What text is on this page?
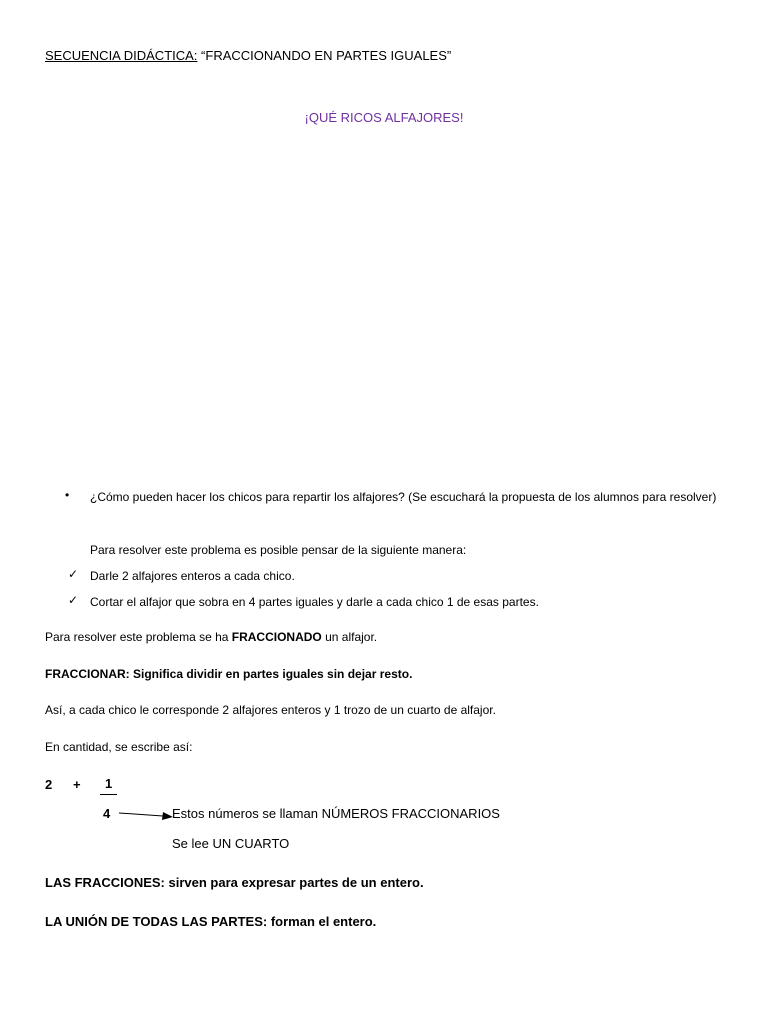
SECUENCIA DIDÁCTICA: “FRACCIONANDO EN PARTES IGUALES”
¡QUÉ RICOS ALFAJORES!
• ¿Cómo pueden hacer los chicos para repartir los alfajores? (Se escuchará la propuesta de los alumnos para resolver)
Para resolver este problema es posible pensar de la siguiente manera:
✓ Darle 2 alfajores enteros a cada chico.
✓ Cortar el alfajor que sobra en 4 partes iguales y darle a cada chico 1 de esas partes.
Para resolver este problema se ha FRACCIONADO un alfajor.
FRACCIONAR: Significa dividir en partes iguales sin dejar resto.
Así, a cada chico le corresponde 2 alfajores enteros y 1 trozo de un cuarto de alfajor.
En cantidad, se escribe así:
2 + 1
4	Estos números se llaman NÚMEROS FRACCIONARIOS
Se lee UN CUARTO
LAS FRACCIONES: sirven para expresar partes de un entero.
LA UNIÓN DE TODAS LAS PARTES: forman el entero.
